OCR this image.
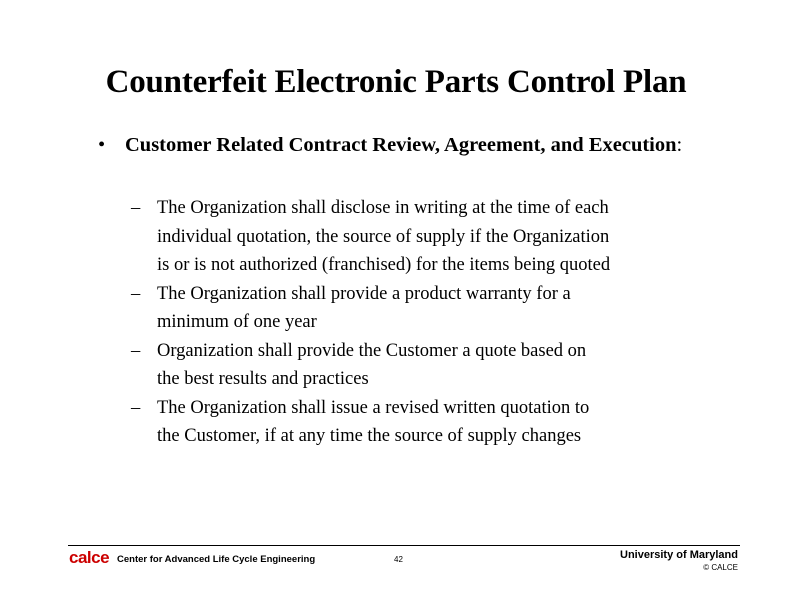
Counterfeit Electronic Parts Control Plan
• Customer Related Contract Review, Agreement, and Execution:
– The Organization shall disclose in writing at the time of each
individual quotation, the source of supply if the Organization
is or is not authorized (franchised) for the items being quoted
– The Organization shall provide a product warranty for a
minimum of one year
– Organization shall provide the Customer a quote based on
the best results and practices
– The Organization shall issue a revised written quotation to
the Customer, if at any time the source of supply changes
calce Center for Advanced Life Cycle Engineering	42	University of Maryland
© CALCE
